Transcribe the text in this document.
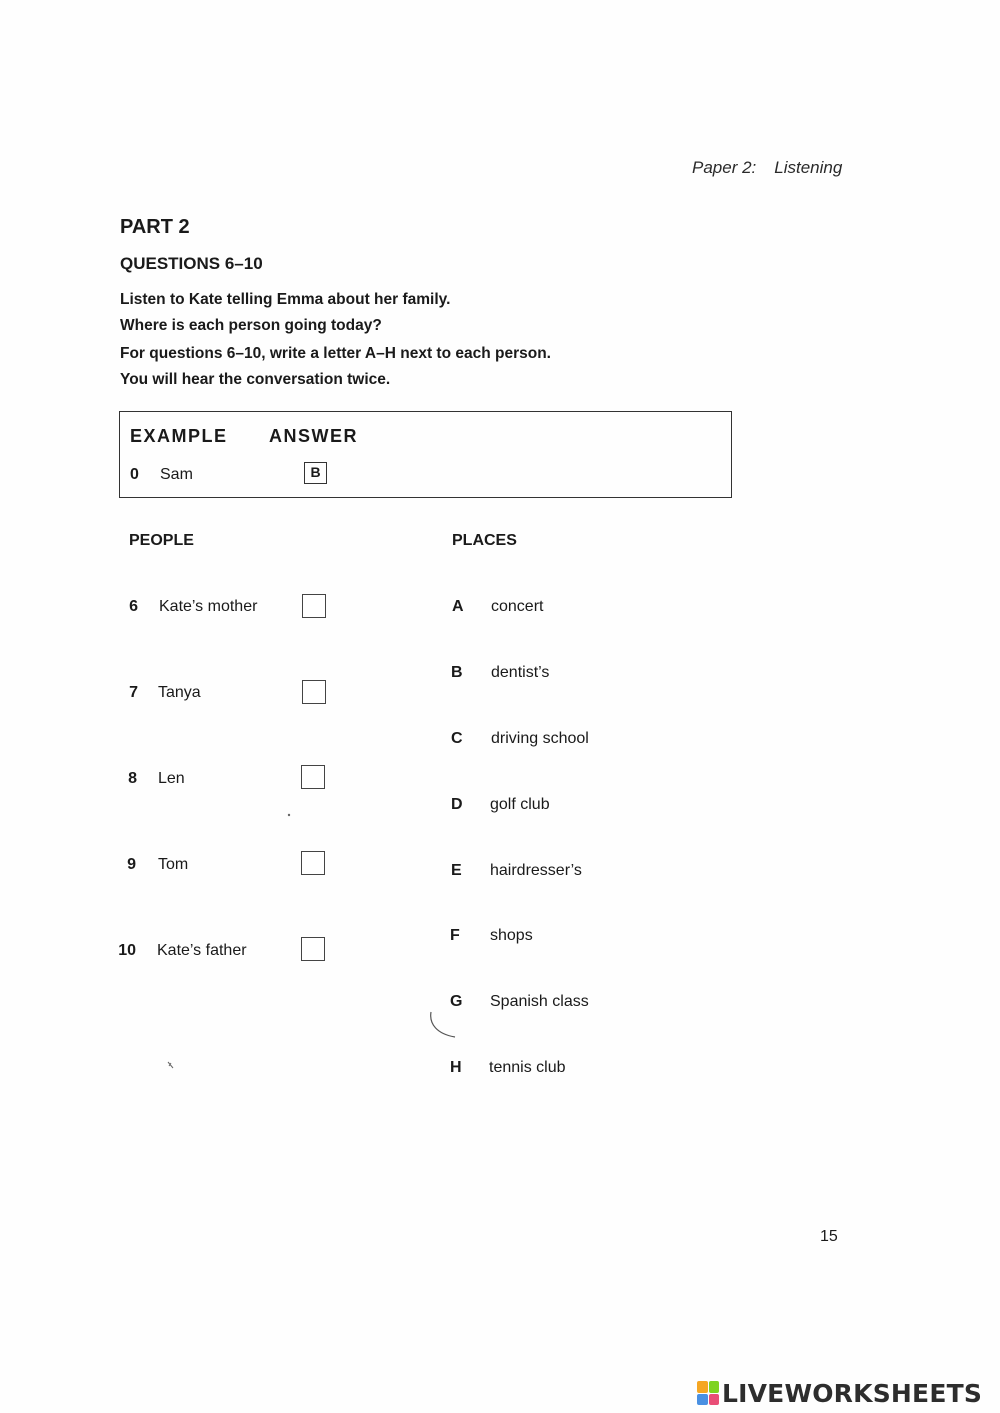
Paper 2: Listening
PART 2
QUESTIONS 6–10
Listen to Kate telling Emma about her family.
Where is each person going today?
For questions 6–10, write a letter A–H next to each person.
You will hear the conversation twice.
EXAMPLE ANSWER
0 Sam	B
PEOPLE	PLACES
6 Kate’s mother
7 Tanya
8 Len
9 Tom
10 Kate’s father
A concert
B dentist’s
C driving school
D golf club
E hairdresser’s
F shops
G Spanish class
H tennis club
15
LIVEWORKSHEETS
